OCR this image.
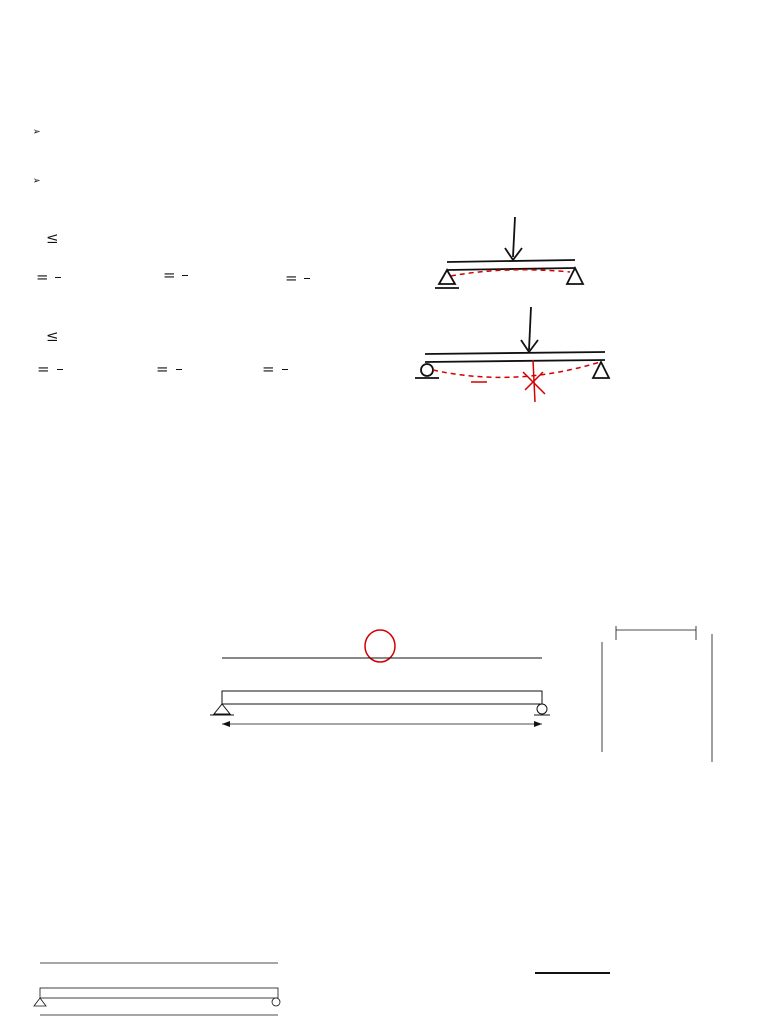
➢
➢
≤
=	=	=
≤
=	=	=
